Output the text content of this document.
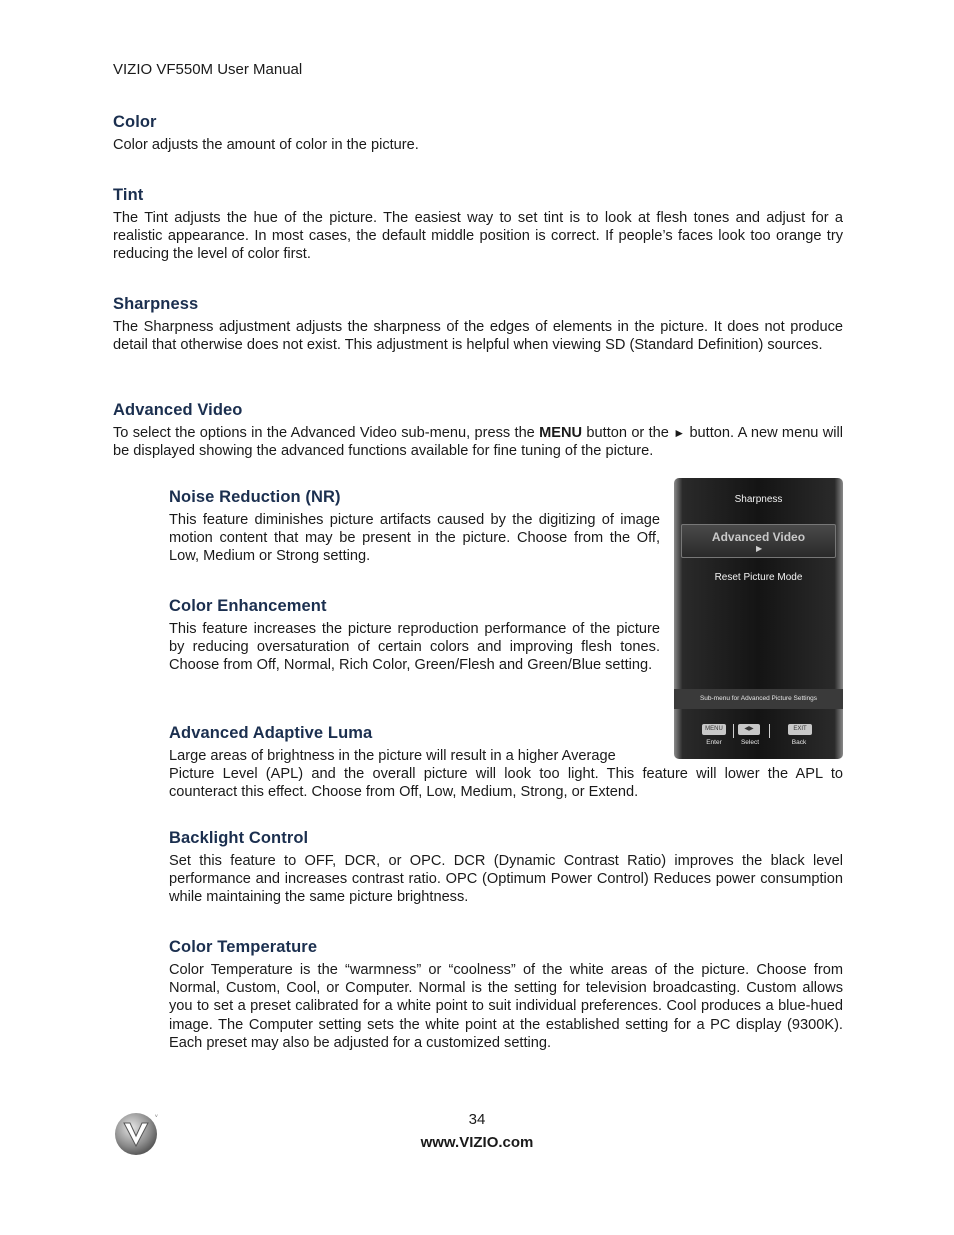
VIZIO VF550M User Manual
Color

Color adjusts the amount of color in the picture.

Tint

The Tint adjusts the hue of the picture. The easiest way to set tint is to look at flesh tones and adjust for a realistic appearance. In most cases, the default middle position is correct. If people’s faces look too orange try reducing the level of color first.

Sharpness

The Sharpness adjustment adjusts the sharpness of the edges of elements in the picture. It does not produce detail that otherwise does not exist. This adjustment is helpful when viewing SD (Standard Definition) sources.

Advanced Video

To select the options in the Advanced Video sub-menu, press the MENU button or the ► button. A new menu will be displayed showing the advanced functions available for fine tuning of the picture.

Noise Reduction (NR)

This feature diminishes picture artifacts caused by the digitizing of image motion content that may be present in the picture. Choose from the Off, Low, Medium or Strong setting.

Color Enhancement

This feature increases the picture reproduction performance of the picture by reducing oversaturation of certain colors and improving flesh tones. Choose from Off, Normal, Rich Color, Green/Flesh and Green/Blue setting.

Advanced Adaptive Luma

Large areas of brightness in the picture will result in a higher Average

Picture Level (APL) and the overall picture will look too light. This feature will lower the APL to counteract this effect. Choose from Off, Low, Medium, Strong, or Extend.

Backlight Control

Set this feature to OFF, DCR, or OPC. DCR (Dynamic Contrast Ratio) improves the black level performance and increases contrast ratio. OPC (Optimum Power Control) Reduces power consumption while maintaining the same picture brightness.

Color Temperature

Color Temperature is the “warmness” or “coolness” of the white areas of the picture. Choose from Normal, Custom, Cool, or Computer. Normal is the setting for television broadcasting. Custom allows you to set a preset calibrated for a white point to suit individual preferences. Cool produces a blue-hued image. The Computer setting sets the white point at the established setting for a PC display (9300K). Each preset may also be adjusted for a customized setting.

Sharpness
Advanced Video
▶
Reset Picture Mode
Sub-menu for Advanced Picture Settings
MENU	◀▶	EXIT
Enter	Select	Back
V	34
www.VIZIO.com
